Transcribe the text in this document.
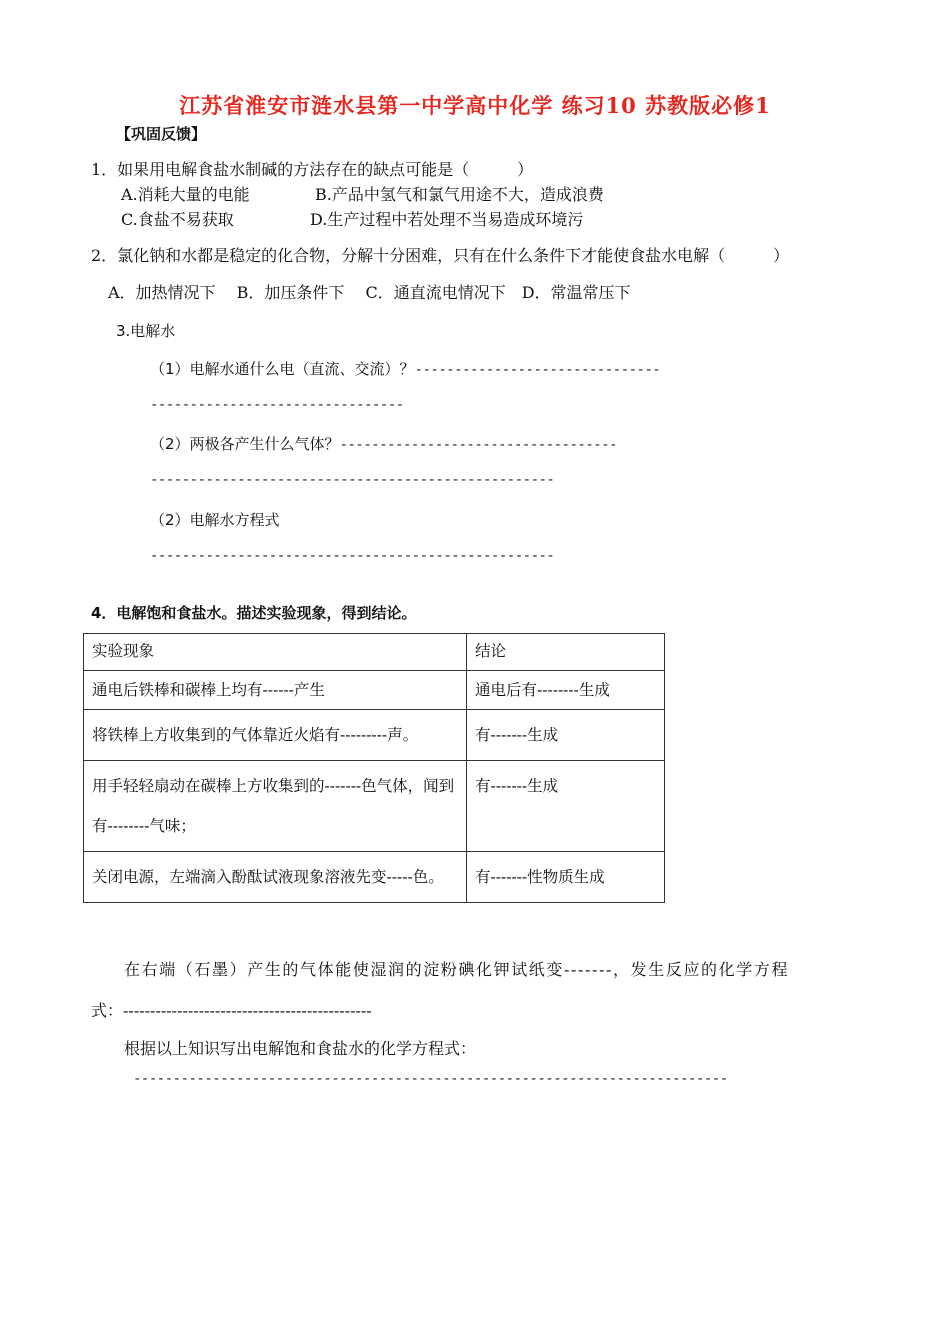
江苏省淮安市涟水县第一中学高中化学 练习10 苏教版必修1
【巩固反馈】
1．如果用电解食盐水制碱的方法存在的缺点可能是（　　　）
A.消耗大量的电能	B.产品中氢气和氯气用途不大，造成浪费
C.食盐不易获取	D.生产过程中若处理不当易造成环境污
2．氯化钠和水都是稳定的化合物，分解十分困难，只有在什么条件下才能使食盐水电解（　　　）
A．加热情况下　 B．加压条件下　 C．通直流电情况下　D．常温常压下
3.电解水
（1）电解水通什么电（直流、交流）？-------------------------------
--------------------------------
（2）两极各产生什么气体？-----------------------------------
---------------------------------------------------
（2）电解水方程式
---------------------------------------------------
4．电解饱和食盐水。描述实验现象，得到结论。
实验现象	结论
通电后铁棒和碳棒上均有------产生	通电后有--------生成
将铁棒上方收集到的气体靠近火焰有---------声。	有-------生成
用手轻轻扇动在碳棒上方收集到的-------色气体，闻到有--------气味；	有-------生成
关闭电源，左端滴入酚酞试液现象溶液先变-----色。	有-------性物质生成
在右端（石墨）产生的气体能使湿润的淀粉碘化钾试纸变-------，发生反应的化学方程
式：----------------------------------------------
根据以上知识写出电解饱和食盐水的化学方程式：
---------------------------------------------------------------------------
